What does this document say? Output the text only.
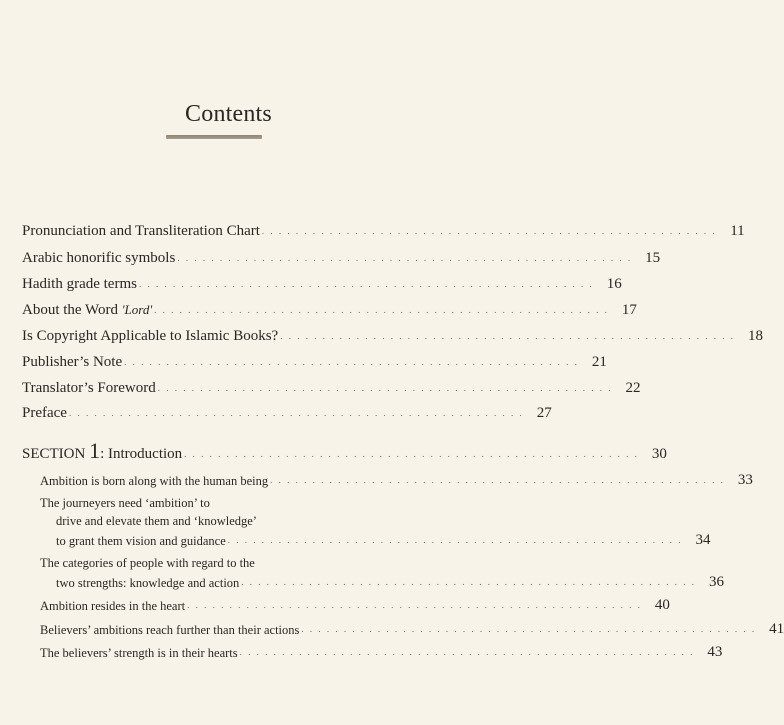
Contents
Pronunciation and Transliteration Chart . . . . . . . . . . . . . . . . . . . . . . . . . . . . . . . . . . . . . . . . . . . . . . . . . . . . . . 11
Arabic honorific symbols . . . . . . . . . . . . . . . . . . . . . . . . . . . . . . . . . . . . . . . . . . . . . . . . . . . . . . 15
Hadith grade terms . . . . . . . . . . . . . . . . . . . . . . . . . . . . . . . . . . . . . . . . . . . . . . . . . . . . . . 16
About the Word 'Lord' . . . . . . . . . . . . . . . . . . . . . . . . . . . . . . . . . . . . . . . . . . . . . . . . . . . . . . 17
Is Copyright Applicable to Islamic Books? . . . . . . . . . . . . . . . . . . . . . . . . . . . . . . . . . . . . . . . . . . . . . . . . . . . . . . 18
Publisher’s Note . . . . . . . . . . . . . . . . . . . . . . . . . . . . . . . . . . . . . . . . . . . . . . . . . . . . . . 21
Translator’s Foreword . . . . . . . . . . . . . . . . . . . . . . . . . . . . . . . . . . . . . . . . . . . . . . . . . . . . . . 22
Preface . . . . . . . . . . . . . . . . . . . . . . . . . . . . . . . . . . . . . . . . . . . . . . . . . . . . . . 27
SECTION 1: Introduction . . . . . . . . . . . . . . . . . . . . . . . . . . . . . . . . . . . . . . . . . . . . . . . . . . . . . . 30
Ambition is born along with the human being . . . . . . . . . . . . . . . . . . . . . . . . . . . . . . . . . . . . . . . . . . . . . . . . . . . . . . 33
The journeyers need ‘ambition’ to
drive and elevate them and ‘knowledge’
to grant them vision and guidance . . . . . . . . . . . . . . . . . . . . . . . . . . . . . . . . . . . . . . . . . . . . . . . . . . . . . . 34
The categories of people with regard to the
two strengths: knowledge and action . . . . . . . . . . . . . . . . . . . . . . . . . . . . . . . . . . . . . . . . . . . . . . . . . . . . . . 36
Ambition resides in the heart . . . . . . . . . . . . . . . . . . . . . . . . . . . . . . . . . . . . . . . . . . . . . . . . . . . . . . 40
Believers’ ambitions reach further than their actions . . . . . . . . . . . . . . . . . . . . . . . . . . . . . . . . . . . . . . . . . . . . . . . . . . . . . . 41
The believers’ strength is in their hearts . . . . . . . . . . . . . . . . . . . . . . . . . . . . . . . . . . . . . . . . . . . . . . . . . . . . . . 43
